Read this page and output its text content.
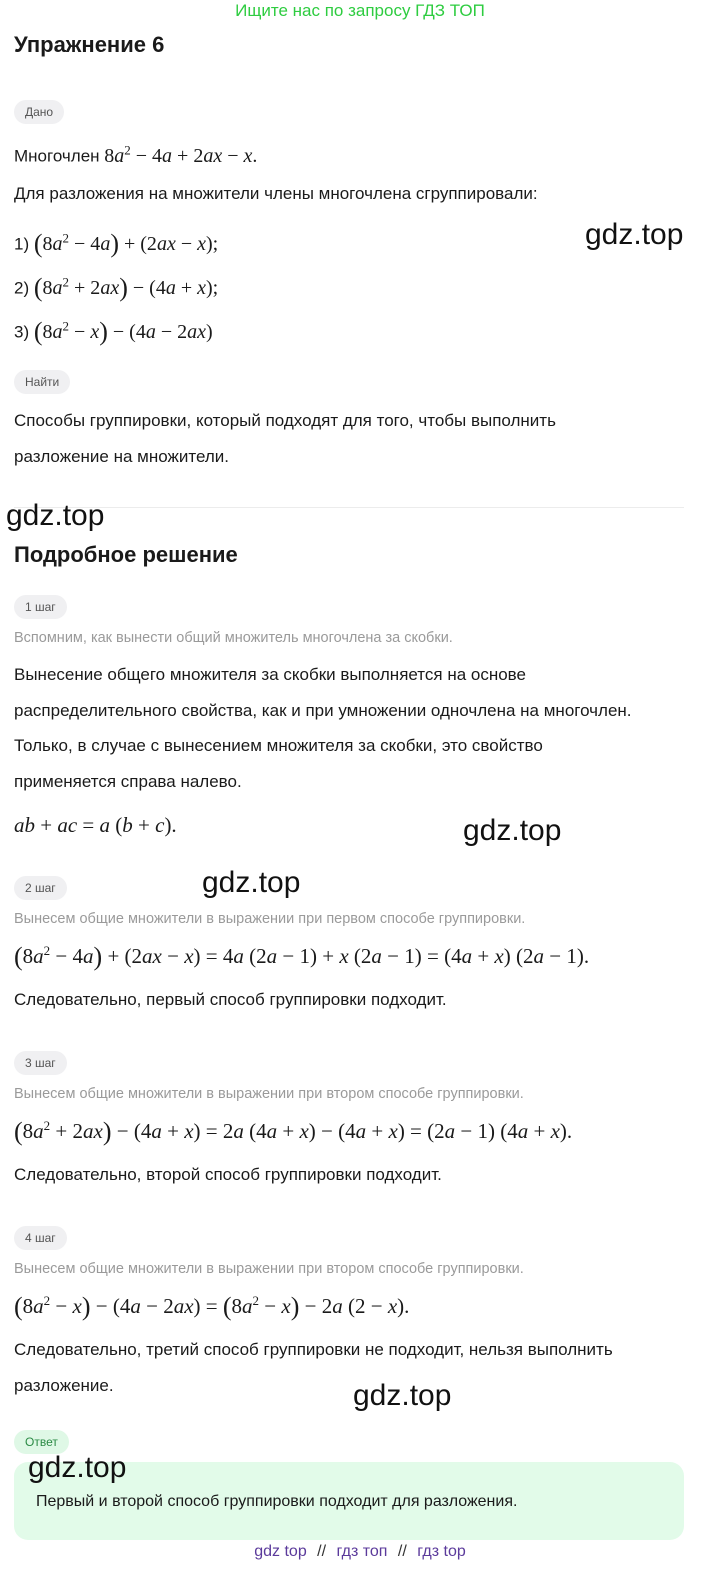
Ищите нас по запросу ГДЗ ТОП
Упражнение 6
Дано
Многочлен $8a^2 - 4a + 2ax - x$.
Для разложения на множители члены многочлена сгруппировали:
1) $(8a^2 - 4a) + (2ax - x)$;
2) $(8a^2 + 2ax) - (4a + x)$;
3) $(8a^2 - x) - (4a - 2ax)$
Найти
Способы группировки, который подходят для того, чтобы выполнить
разложение на множители.
Подробное решение
1 шаг
Вспомним, как вынести общий множитель многочлена за скобки.
Вынесение общего множителя за скобки выполняется на основе
распределительного свойства, как и при умножении одночлена на многочлен.
Только, в случае с вынесением множителя за скобки, это свойство
применяется справа налево.
ab + ac = a (b + c).
2 шаг
Вынесем общие множители в выражении при первом способе группировки.
$(8a^2 - 4a) + (2ax - x) = 4a$ (2a − 1) + x (2a − 1) = (4a + x) (2a − 1).
Следовательно, первый способ группировки подходит.
3 шаг
Вынесем общие множители в выражении при втором способе группировки.
$(8a^2 + 2ax) - (4a + x) = 2a$ (4a + x) − (4a + x) = (2a − 1) (4a + x).
Следовательно, второй способ группировки подходит.
4 шаг
Вынесем общие множители в выражении при втором способе группировки.
$(8a^2 - x) - (4a - 2ax) = (8a^2 - x) - 2a$ (2 − x).
Следовательно, третий способ группировки не подходит, нельзя выполнить
разложение.
Ответ
Первый и второй способ группировки подходит для разложения.
gdz.top
gdz.top
gdz.top
gdz.top
gdz.top
gdz.top
gdz top // гдз топ // гдз top
